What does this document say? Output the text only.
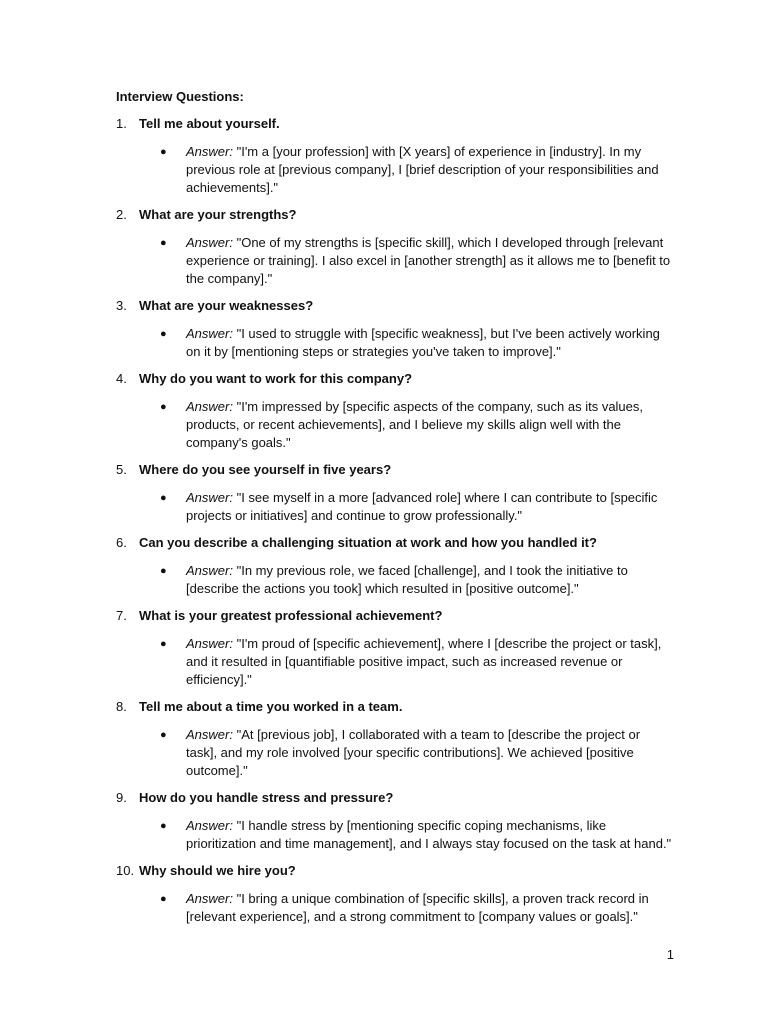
Interview Questions:

1. Tell me about yourself.
●	Answer: "I'm a [your profession] with [X years] of experience in [industry]. In my previous role at [previous company], I [brief description of your responsibilities and achievements]."
2. What are your strengths?
●	Answer: "One of my strengths is [specific skill], which I developed through [relevant experience or training]. I also excel in [another strength] as it allows me to [benefit to the company]."
3. What are your weaknesses?
●	Answer: "I used to struggle with [specific weakness], but I've been actively working on it by [mentioning steps or strategies you've taken to improve]."
4. Why do you want to work for this company?
●	Answer: "I'm impressed by [specific aspects of the company, such as its values, products, or recent achievements], and I believe my skills align well with the company's goals."
5. Where do you see yourself in five years?
●	Answer: "I see myself in a more [advanced role] where I can contribute to [specific projects or initiatives] and continue to grow professionally."
6. Can you describe a challenging situation at work and how you handled it?
●	Answer: "In my previous role, we faced [challenge], and I took the initiative to [describe the actions you took] which resulted in [positive outcome]."
7. What is your greatest professional achievement?
●	Answer: "I'm proud of [specific achievement], where I [describe the project or task], and it resulted in [quantifiable positive impact, such as increased revenue or efficiency]."
8. Tell me about a time you worked in a team.
●	Answer: "At [previous job], I collaborated with a team to [describe the project or task], and my role involved [your specific contributions]. We achieved [positive outcome]."
9. How do you handle stress and pressure?
●	Answer: "I handle stress by [mentioning specific coping mechanisms, like prioritization and time management], and I always stay focused on the task at hand."
10. Why should we hire you?
●	Answer: "I bring a unique combination of [specific skills], a proven track record in [relevant experience], and a strong commitment to [company values or goals]."
1
